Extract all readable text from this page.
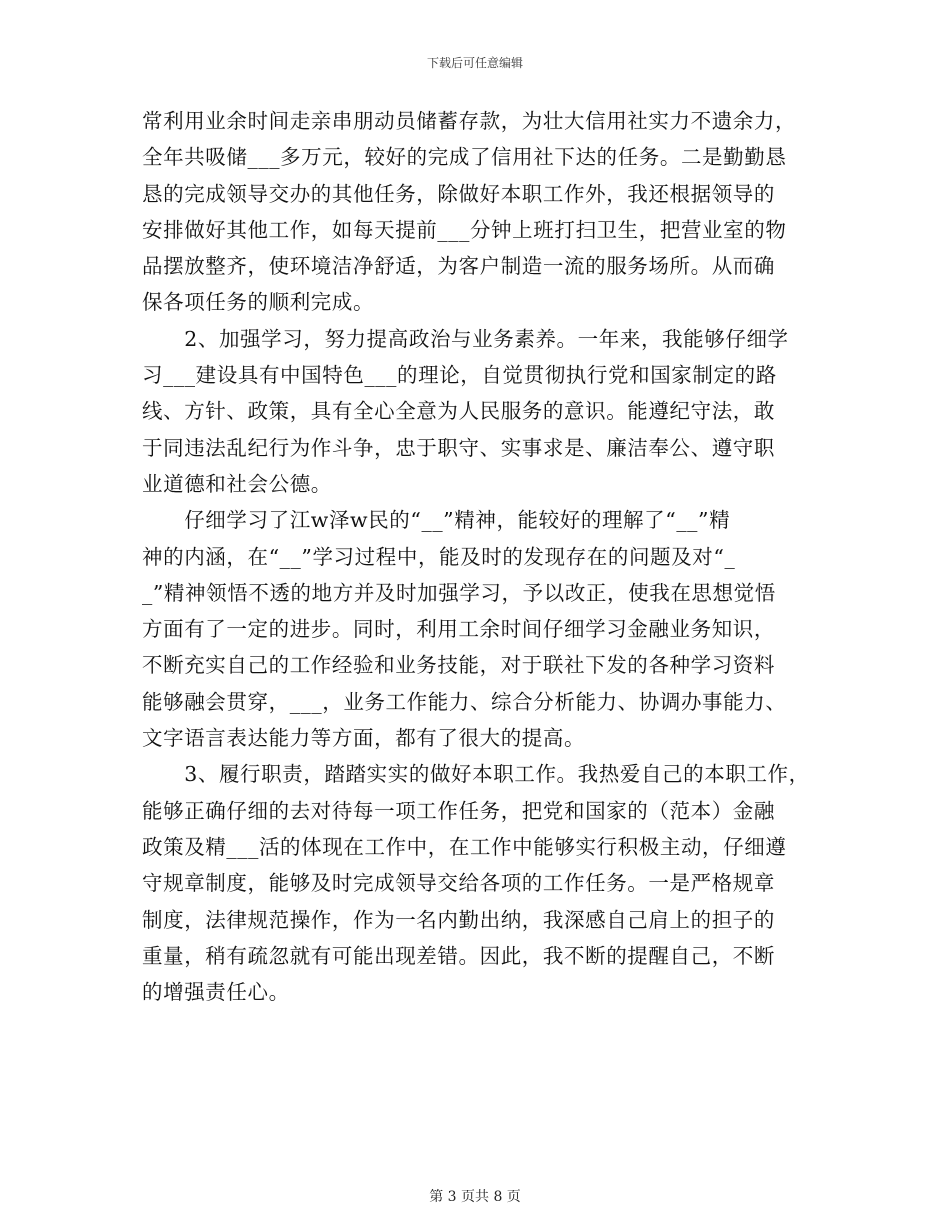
下载后可任意编辑
常利用业余时间走亲串朋动员储蓄存款，为壮大信用社实力不遗余力，
全年共吸储___多万元，较好的完成了信用社下达的任务。二是勤勤恳
恳的完成领导交办的其他任务，除做好本职工作外，我还根据领导的
安排做好其他工作，如每天提前___分钟上班打扫卫生，把营业室的物
品摆放整齐，使环境洁净舒适，为客户制造一流的服务场所。从而确
保各项任务的顺利完成。
　　2、加强学习，努力提高政治与业务素养。一年来，我能够仔细学
习___建设具有中国特色___的理论，自觉贯彻执行党和国家制定的路
线、方针、政策，具有全心全意为人民服务的意识。能遵纪守法，敢
于同违法乱纪行为作斗争，忠于职守、实事求是、廉洁奉公、遵守职
业道德和社会公德。
　　仔细学习了江w泽w民的“__”精神，能较好的理解了“__”精
神的内涵，在“__”学习过程中，能及时的发现存在的问题及对“_
_”精神领悟不透的地方并及时加强学习，予以改正，使我在思想觉悟
方面有了一定的进步。同时，利用工余时间仔细学习金融业务知识，
不断充实自己的工作经验和业务技能，对于联社下发的各种学习资料
能够融会贯穿，___，业务工作能力、综合分析能力、协调办事能力、
文字语言表达能力等方面，都有了很大的提高。
　　3、履行职责，踏踏实实的做好本职工作。我热爱自己的本职工作，
能够正确仔细的去对待每一项工作任务，把党和国家的（范本）金融
政策及精___活的体现在工作中，在工作中能够实行积极主动，仔细遵
守规章制度，能够及时完成领导交给各项的工作任务。一是严格规章
制度，法律规范操作，作为一名内勤出纳，我深感自己肩上的担子的
重量，稍有疏忽就有可能出现差错。因此，我不断的提醒自己，不断
的增强责任心。
第 3 页共 8 页
